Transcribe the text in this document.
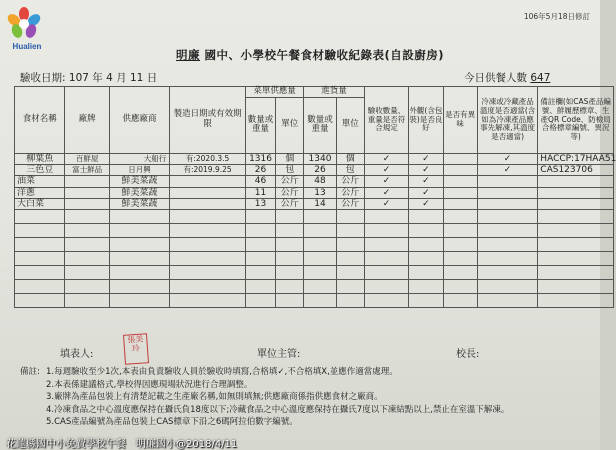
Hualien
106年5月18日修訂
明廉 國中、小學校午餐食材驗收紀錄表(自設廚房)
驗收日期: 107 年 4 月 11 日	今日供餐人數 647
食材名稱	廠牌	供應廠商	製造日期或有效期限	菜單供應量		進貨量		驗收數量、重量是否符合規定	外觀(含包裝)是否良好	是否有異味	冷凍或冷藏產品溫度是否適當(含如為冷凍產品應事先解凍,其溫度是否適當)	備註欄(如CAS產品編號、鮮履歷標章、生產QR Code、防檢局合格標章編號、異況等)
				數量或重量	單位	數量或重量	單位					
柳葉魚	百鮮屋	大船行	有:2020.3.5	1316	個	1340	個	✓	✓		✓	HACCP:17HAA51
三色豆	富士鮮品	日月興	有:2019.9.25	26	包	26	包	✓	✓		✓	CAS123706
油菜		鮮美菜蔬		46	公斤	48	公斤	✓	✓			
洋蔥		鮮美菜蔬		11	公斤	13	公斤	✓	✓			
大白菜		鮮美菜蔬		13	公斤	14	公斤	✓	✓			

填表人:
張美玲
單位主管:	校長:
備註: 1.每週驗收至少1次,本表由負責驗收人員於驗收時填寫,合格填✓,不合格填X,並應作適當處理。
2.本表係建議格式,學校得因應現場狀況進行合理調整。
3.廠牌為產品包裝上有清楚記載之生產廠名稱,如無則填無;供應廠商係指供應食材之廠商。
4.冷凍食品之中心溫度應保持在攝氏負18度以下;冷藏食品之中心溫度應保持在攝氏7度以下凍結點以上,禁止在室溫下解凍。
5.CAS產品編號為產品包裝上CAS標章下沿之6碼阿拉伯數字編號。
花蓮縣國中小免費學校午餐　明廉國小@2018/4/11
